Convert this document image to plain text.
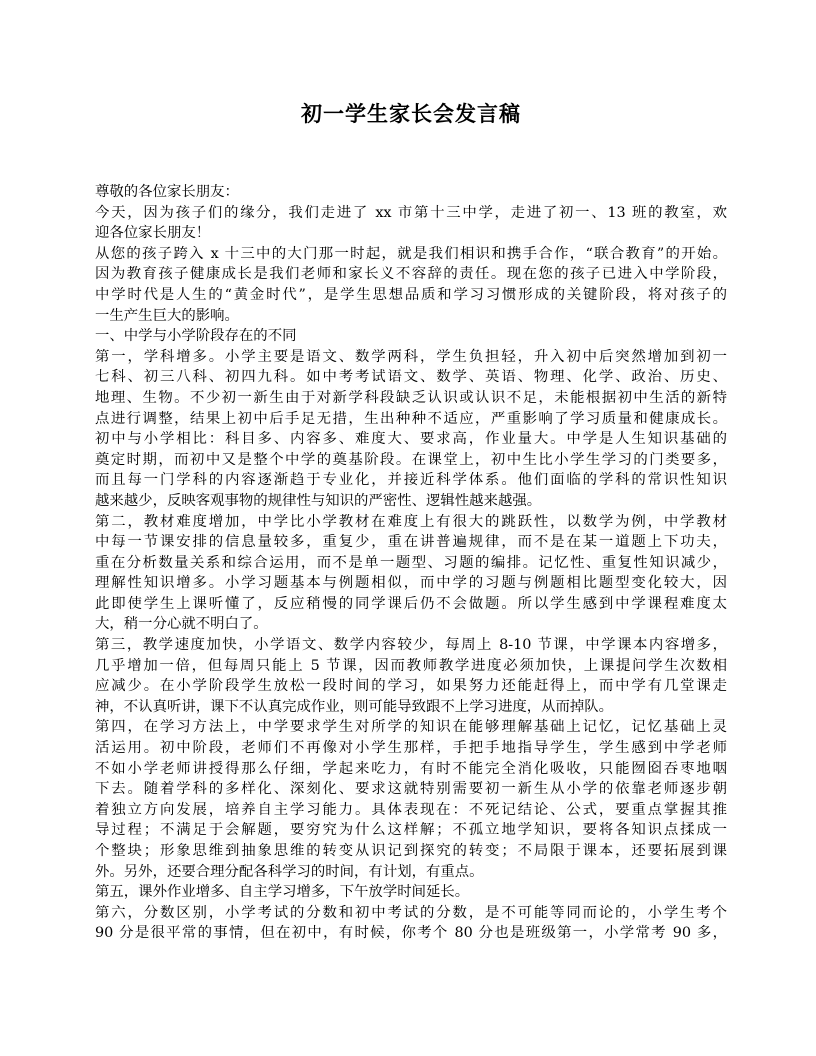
初一学生家长会发言稿
尊敬的各位家长朋友：
今天，因为孩子们的缘分，我们走进了 xx 市第十三中学，走进了初一、13 班的教室，欢
迎各位家长朋友！
从您的孩子跨入 x 十三中的大门那一时起，就是我们相识和携手合作，“联合教育”的开始。
因为教育孩子健康成长是我们老师和家长义不容辞的责任。现在您的孩子已进入中学阶段，
中学时代是人生的“黄金时代”，是学生思想品质和学习习惯形成的关键阶段，将对孩子的
一生产生巨大的影响。
一、中学与小学阶段存在的不同
第一，学科增多。小学主要是语文、数学两科，学生负担轻，升入初中后突然增加到初一
七科、初三八科、初四九科。如中考考试语文、数学、英语、物理、化学、政治、历史、
地理、生物。不少初一新生由于对新学科段缺乏认识或认识不足，未能根据初中生活的新特
点进行调整，结果上初中后手足无措，生出种种不适应，严重影响了学习质量和健康成长。
初中与小学相比：科目多、内容多、难度大、要求高，作业量大。中学是人生知识基础的
奠定时期，而初中又是整个中学的奠基阶段。在课堂上，初中生比小学生学习的门类要多，
而且每一门学科的内容逐渐趋于专业化，并接近科学体系。他们面临的学科的常识性知识
越来越少，反映客观事物的规律性与知识的严密性、逻辑性越来越强。
第二，教材难度增加，中学比小学教材在难度上有很大的跳跃性，以数学为例，中学教材
中每一节课安排的信息量较多，重复少，重在讲普遍规律，而不是在某一道题上下功夫，
重在分析数量关系和综合运用，而不是单一题型、习题的编排。记忆性、重复性知识减少，
理解性知识增多。小学习题基本与例题相似，而中学的习题与例题相比题型变化较大，因
此即使学生上课听懂了，反应稍慢的同学课后仍不会做题。所以学生感到中学课程难度太
大，稍一分心就不明白了。
第三，教学速度加快，小学语文、数学内容较少，每周上 8-10 节课，中学课本内容增多，
几乎增加一倍，但每周只能上 5 节课，因而教师教学进度必须加快，上课提问学生次数相
应减少。在小学阶段学生放松一段时间的学习，如果努力还能赶得上，而中学有几堂课走
神，不认真听讲，课下不认真完成作业，则可能导致跟不上学习进度，从而掉队。
第四，在学习方法上，中学要求学生对所学的知识在能够理解基础上记忆，记忆基础上灵
活运用。初中阶段，老师们不再像对小学生那样，手把手地指导学生，学生感到中学老师
不如小学老师讲授得那么仔细，学起来吃力，有时不能完全消化吸收，只能囫囵吞枣地咽
下去。随着学科的多样化、深刻化、要求这就特别需要初一新生从小学的依靠老师逐步朝
着独立方向发展，培养自主学习能力。具体表现在：不死记结论、公式，要重点掌握其推
导过程；不满足于会解题，要穷究为什么这样解；不孤立地学知识，要将各知识点揉成一
个整块；形象思维到抽象思维的转变从识记到探究的转变；不局限于课本，还要拓展到课
外。另外，还要合理分配各科学习的时间，有计划，有重点。
第五，课外作业增多、自主学习增多，下午放学时间延长。
第六，分数区别，小学考试的分数和初中考试的分数，是不可能等同而论的，小学生考个
90 分是很平常的事情，但在初中，有时候，你考个 80 分也是班级第一，小学常考 90 多，
